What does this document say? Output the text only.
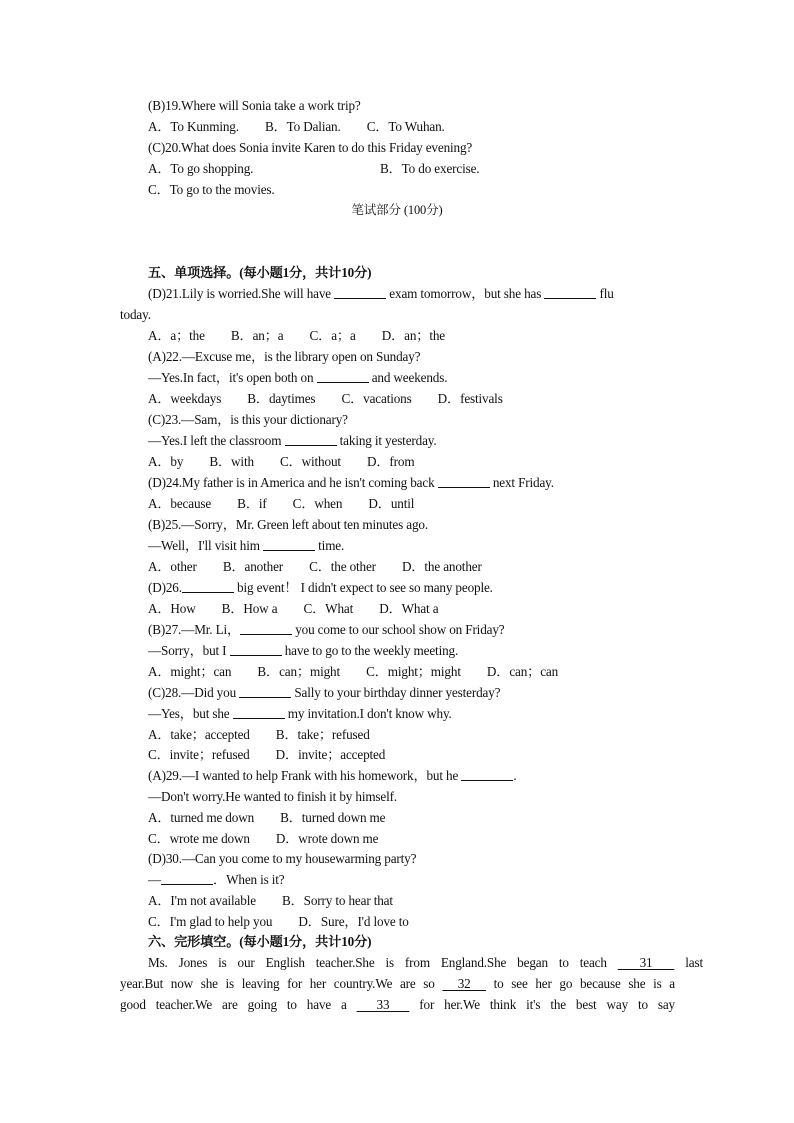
(B)19.Where will Sonia take a work trip?
A．To Kunming.　　B．To Dalian.　　C．To Wuhan.
(C)20.What does Sonia invite Karen to do this Friday evening?
A．To go shopping.	B．To do exercise.
C．To go to the movies.
笔试部分 (100分)
五、单项选择。(每小题1分，共计10分)
(D)21.Lily is worried.She will have	exam tomorrow，but she has	flu
today.
A．a；the　　B．an；a　　C．a；a　　D．an；the
(A)22.—Excuse me，is the library open on Sunday?
—Yes.In fact，it's open both on	and weekends.
A．weekdays　　B．daytimes　　C．vacations　　D．festivals
(C)23.—Sam，is this your dictionary?
—Yes.I left the classroom	taking it yesterday.
A．by　　B．with　　C．without　　D．from
(D)24.My father is in America and he isn't coming back	next Friday.
A．because　　B．if　　C．when　　D．until
(B)25.—Sorry，Mr. Green left about ten minutes ago.
—Well，I'll visit him	time.
A．other　　B．another　　C．the other　　D．the another
(D)26.	big event！ I didn't expect to see so many people.
A．How　　B．How a　　C．What　　D．What a
(B)27.—Mr. Li，	you come to our school show on Friday?
—Sorry，but I	have to go to the weekly meeting.
A．might；can　　B．can；might　　C．might；might　　D．can；can
(C)28.—Did you	Sally to your birthday dinner yesterday?
—Yes，but she	my invitation.I don't know why.
A．take；accepted　　B．take；refused
C．invite；refused　　D．invite；accepted
(A)29.—I wanted to help Frank with his homework，but he	.
—Don't worry.He wanted to finish it by himself.
A．turned me down　　B．turned down me
C．wrote me down　　D．wrote down me
(D)30.—Can you come to my housewarming party?
—	．When is it?
A．I'm not available　　B．Sorry to hear that
C．I'm glad to help you　　D．Sure，I'd love to
六、完形填空。(每小题1分，共计10分)
Ms. Jones is our English teacher.She is from England.She began to teach   31   last
year.But now she is leaving for her country.We are so   32   to see her go because she is a
good teacher.We are going to have a   33   for her.We think it's the best way to say
